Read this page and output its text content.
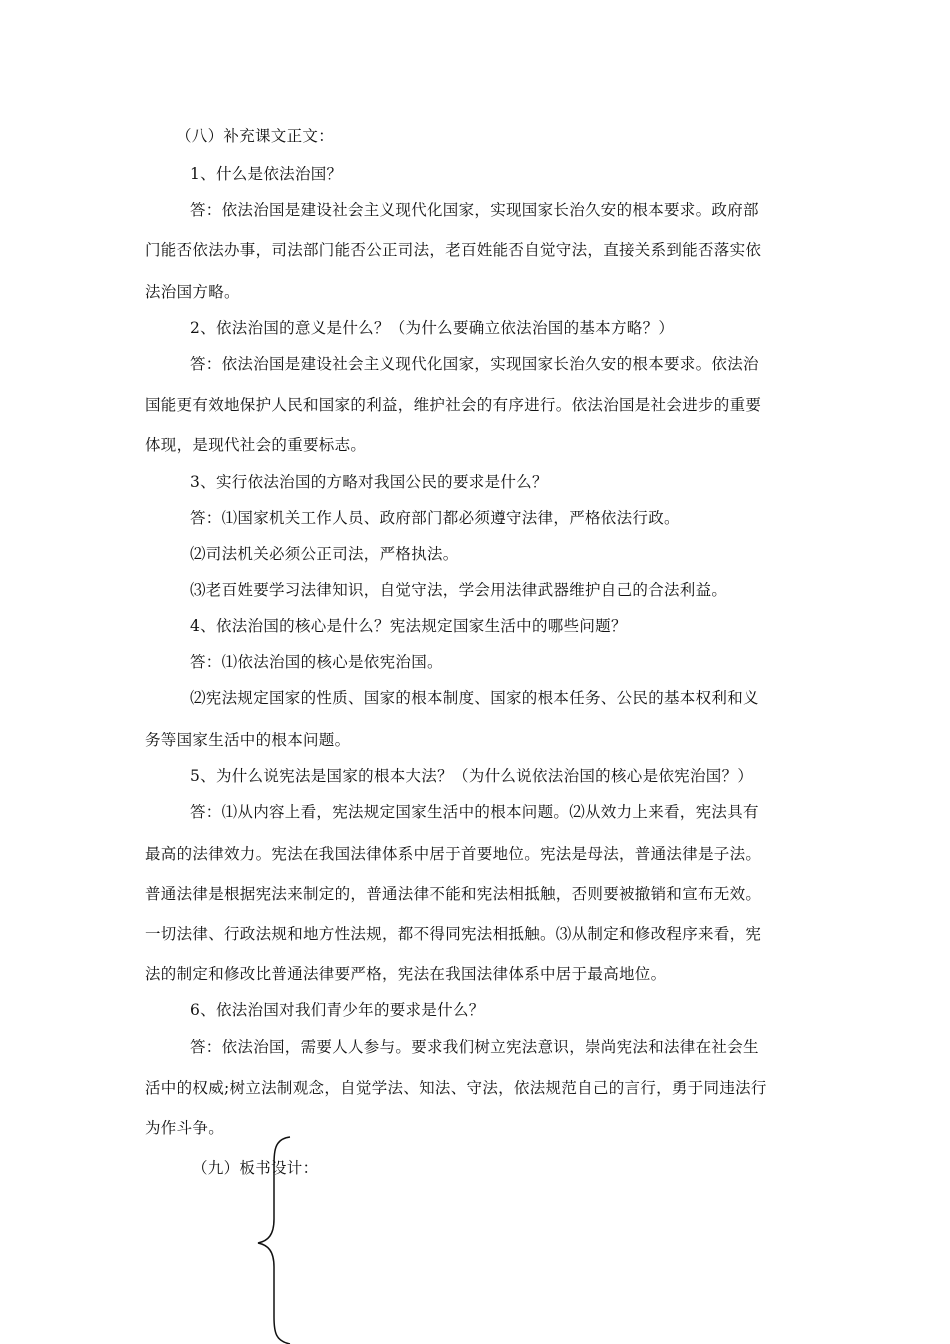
（八）补充课文正文：
1、什么是依法治国？
答：依法治国是建设社会主义现代化国家，实现国家长治久安的根本要求。政府部
门能否依法办事，司法部门能否公正司法，老百姓能否自觉守法，直接关系到能否落实依
法治国方略。
2、依法治国的意义是什么？（为什么要确立依法治国的基本方略？）
答：依法治国是建设社会主义现代化国家，实现国家长治久安的根本要求。依法治
国能更有效地保护人民和国家的利益，维护社会的有序进行。依法治国是社会进步的重要
体现，是现代社会的重要标志。
3、实行依法治国的方略对我国公民的要求是什么？
答：⑴国家机关工作人员、政府部门都必须遵守法律，严格依法行政。
⑵司法机关必须公正司法，严格执法。
⑶老百姓要学习法律知识，自觉守法，学会用法律武器维护自己的合法利益。
4、依法治国的核心是什么？宪法规定国家生活中的哪些问题？
答：⑴依法治国的核心是依宪治国。
⑵宪法规定国家的性质、国家的根本制度、国家的根本任务、公民的基本权利和义
务等国家生活中的根本问题。
5、为什么说宪法是国家的根本大法？（为什么说依法治国的核心是依宪治国？）
答：⑴从内容上看，宪法规定国家生活中的根本问题。⑵从效力上来看，宪法具有
最高的法律效力。宪法在我国法律体系中居于首要地位。宪法是母法，普通法律是子法。
普通法律是根据宪法来制定的，普通法律不能和宪法相抵触，否则要被撤销和宣布无效。
一切法律、行政法规和地方性法规，都不得同宪法相抵触。⑶从制定和修改程序来看，宪
法的制定和修改比普通法律要严格，宪法在我国法律体系中居于最高地位。
6、依法治国对我们青少年的要求是什么？
答：依法治国，需要人人参与。要求我们树立宪法意识，崇尚宪法和法律在社会生
活中的权威;树立法制观念，自觉学法、知法、守法，依法规范自己的言行，勇于同违法行
为作斗争。
（九）板书设计：
